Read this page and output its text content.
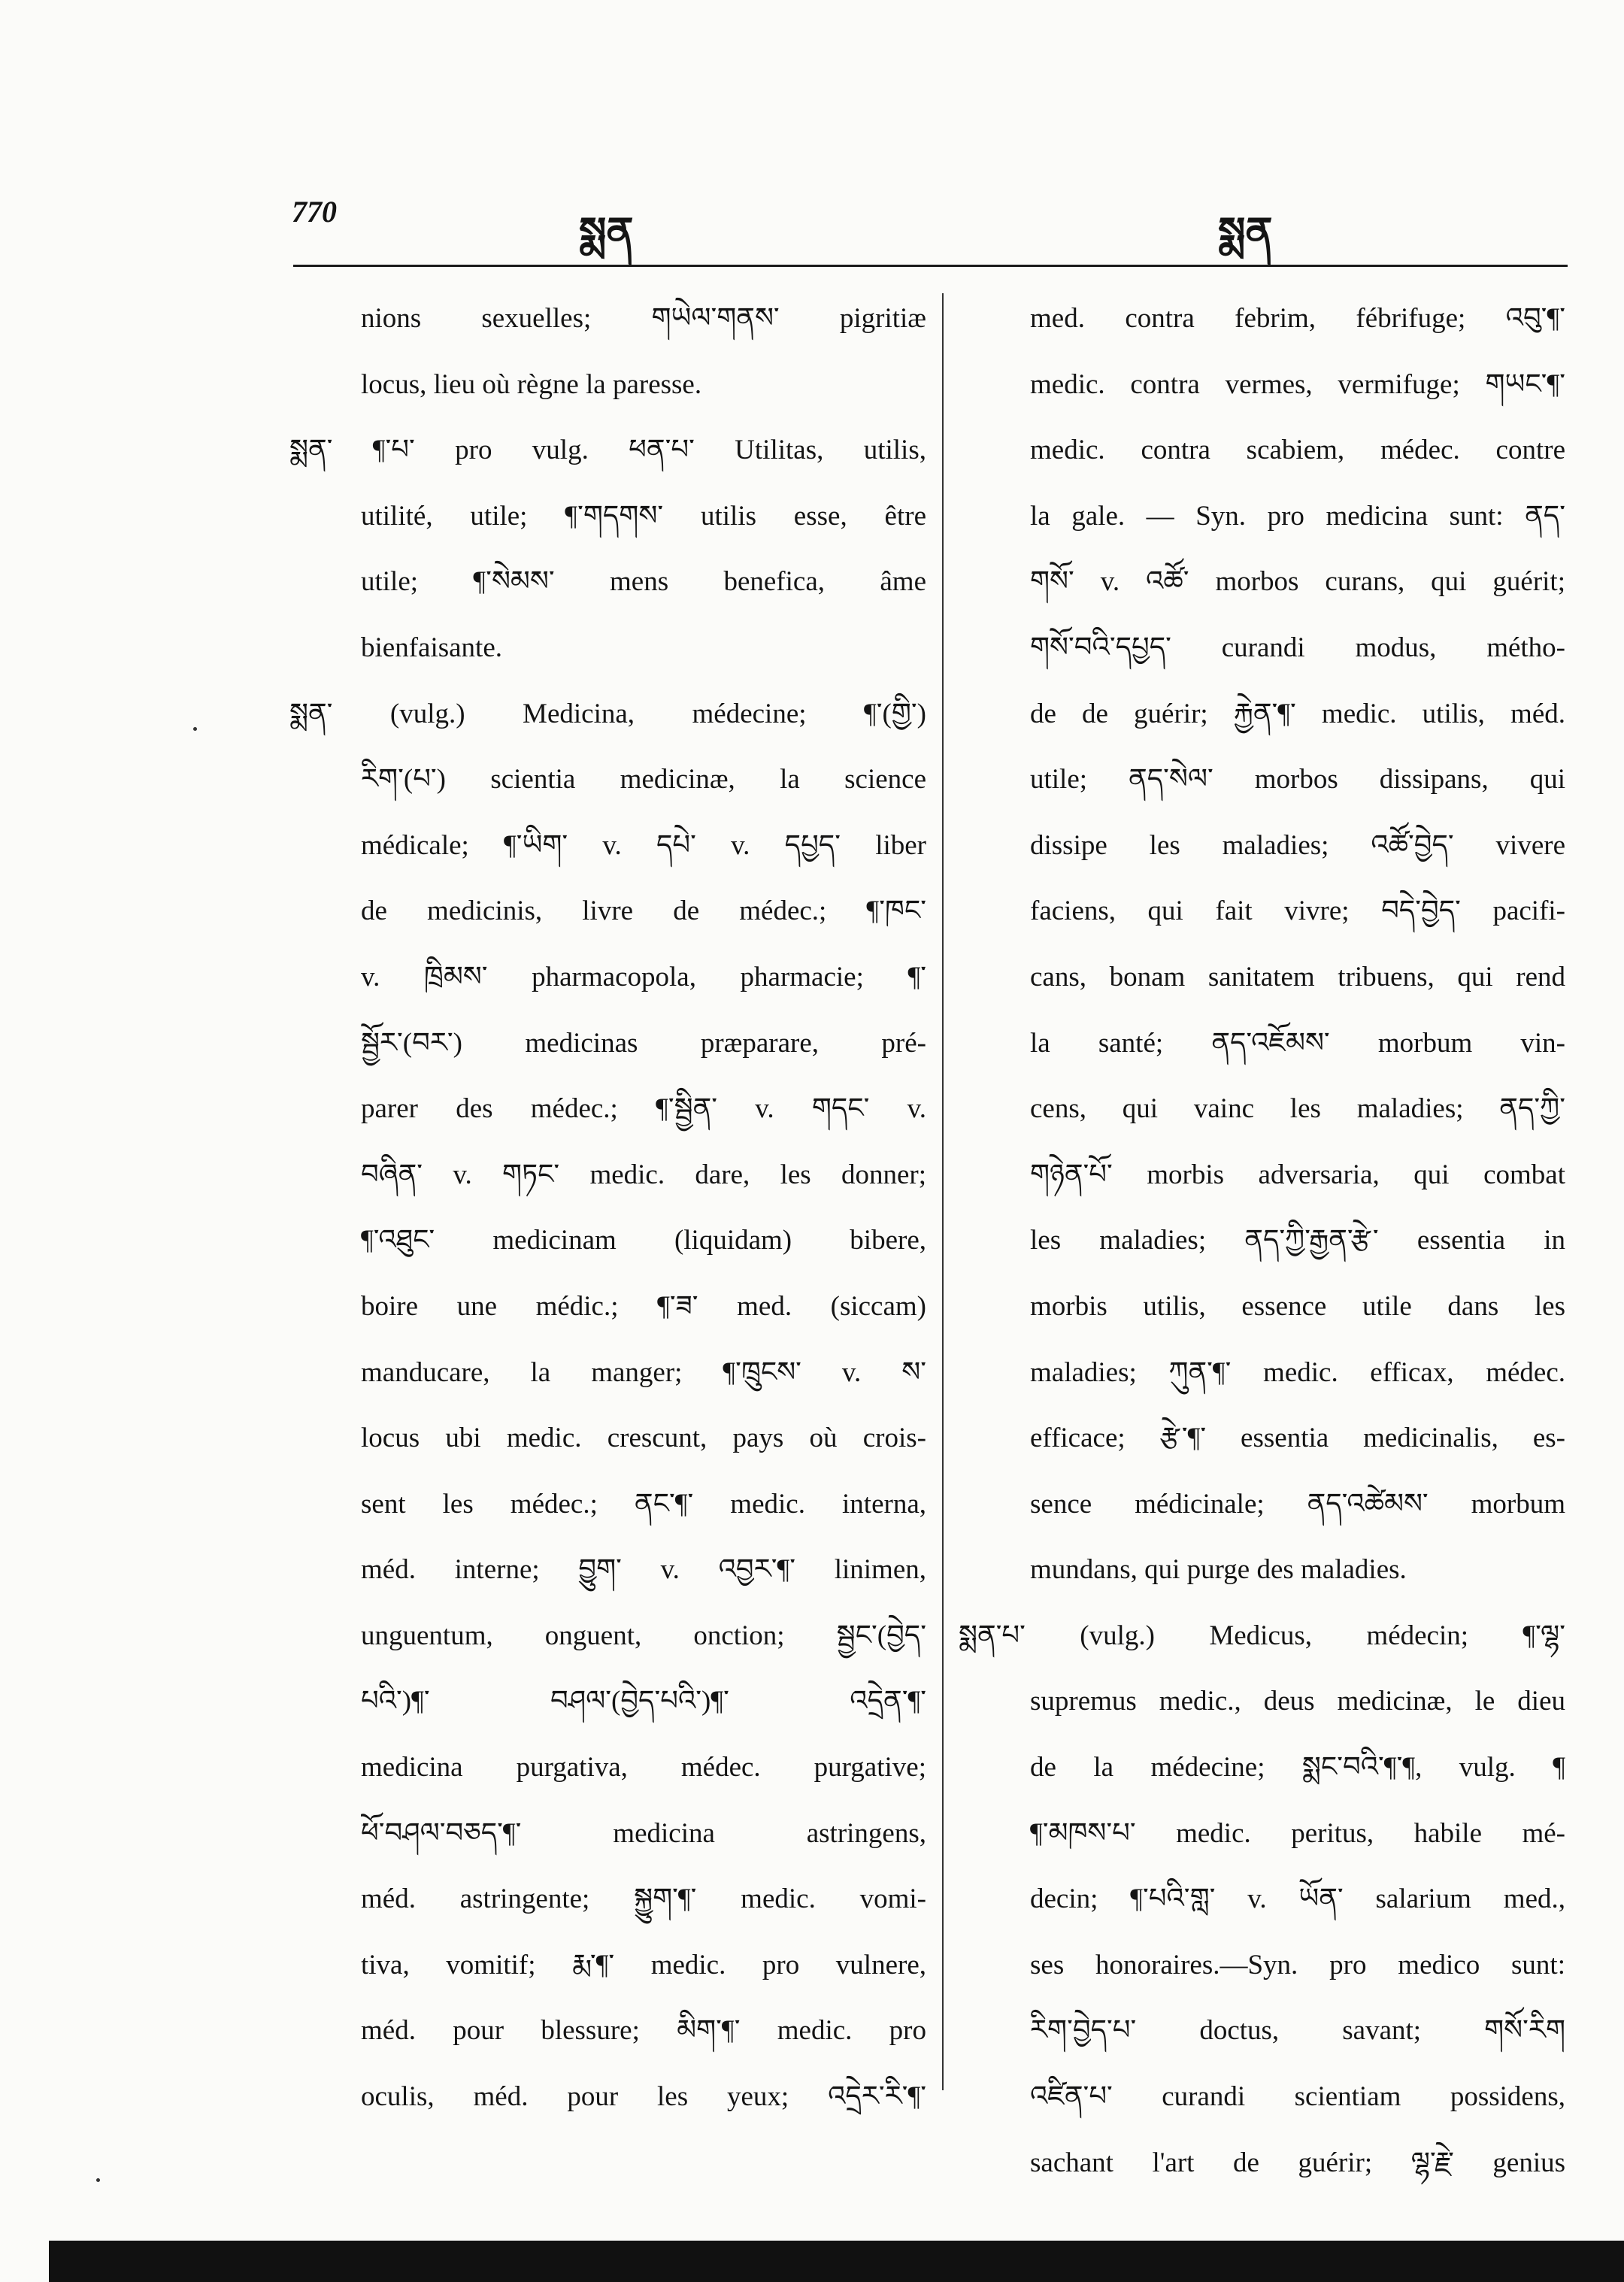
770	སྨན	སྨན
nions sexuelles; གཡེལ་གནས་ pigritiæ
locus, lieu où règne la paresse.
སྨན་ ¶་པ་ pro vulg. ཕན་པ་ Utilitas, utilis,
utilité, utile; ¶་གདགས་ utilis esse, être
utile; ¶་སེམས་ mens benefica, âme
bienfaisante.
སྨན་ (vulg.) Medicina, médecine; ¶་(གྱི་)
རིག་(པ་) scientia medicinæ, la science
médicale; ¶་ཡིག་ v. དཔེ་ v. དཔྱད་ liber
de medicinis, livre de médec.; ¶་ཁང་
v. ཁྲིམས་ pharmacopola, pharmacie; ¶་
སྦྱོར་(བར་) medicinas præparare, pré-
parer des médec.; ¶་སྦྱིན་ v. གདང་ v.
བཞིན་ v. གཏང་ medic. dare, les donner;
¶་འཐུང་ medicinam (liquidam) bibere,
boire une médic.; ¶་ཟ་ med. (siccam)
manducare, la manger; ¶་ཁྲུངས་ v. ས་
locus ubi medic. crescunt, pays où crois-
sent les médec.; ནང་¶་ medic. interna,
méd. interne; བྱུག་ v. འབྱར་¶་ linimen,
unguentum, onguent, onction; སྦྱང་(བྱེད་
པའི་)¶་ བཤལ་(བྱེད་པའི་)¶་ འདྲེན་¶་
medicina purgativa, médec. purgative;
ཕོ་བཤལ་བཅད་¶་ medicina astringens,
méd. astringente; སྐྱུག་¶་ medic. vomi-
tiva, vomitif; རྨ་¶་ medic. pro vulnere,
méd. pour blessure; མིག་¶་ medic. pro
oculis, méd. pour les yeux; འདྲེར་རི་¶་
med. contra febrim, fébrifuge; འབུ་¶་
medic. contra vermes, vermifuge; གཡང་¶་
medic. contra scabiem, médec. contre
la gale. — Syn. pro medicina sunt: ནད་
གསོ་ v. འཚོ་ morbos curans, qui guérit;
གསོ་བའི་དཔྱད་ curandi modus, métho-
de de guérir; རྐྱེན་¶་ medic. utilis, méd.
utile; ནད་སེལ་ morbos dissipans, qui
dissipe les maladies; འཚོ་བྱེད་ vivere
faciens, qui fait vivre; བདེ་བྱེད་ pacifi-
cans, bonam sanitatem tribuens, qui rend
la santé; ནད་འཇོམས་ morbum vin-
cens, qui vainc les maladies; ནད་ཀྱི་
གཉེན་པོ་ morbis adversaria, qui combat
les maladies; ནད་ཀྱི་རྒྱན་རྩེ་ essentia in
morbis utilis, essence utile dans les
maladies; ཀུན་¶་ medic. efficax, médec.
efficace; རྩེ་¶་ essentia medicinalis, es-
sence médicinale; ནད་འཚེམས་ morbum
mundans, qui purge des maladies.
སྨན་པ་ (vulg.) Medicus, médecin; ¶་ལྷ་
supremus medic., deus medicinæ, le dieu
de la médecine; སྨང་བའི་¶་¶, vulg. ¶
¶་མཁས་པ་ medic. peritus, habile mé-
decin; ¶་པའི་གླ་ v. ཡོན་ salarium med.,
ses honoraires.—Syn. pro medico sunt:
རིག་བྱེད་པ་ doctus, savant; གསོ་རིག
འཛིན་པ་ curandi scientiam possidens,
sachant l'art de guérir; ལྷ་རྗེ་ genius
